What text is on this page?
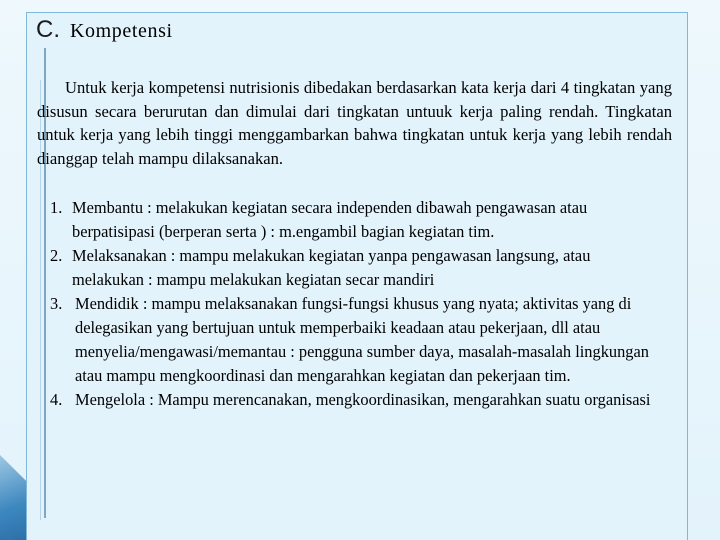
C. Kompetensi
Untuk kerja kompetensi nutrisionis dibedakan berdasarkan kata kerja dari 4 tingkatan yang disusun secara berurutan dan dimulai dari tingkatan untuuk kerja paling rendah. Tingkatan untuk kerja yang lebih tinggi menggambarkan bahwa tingkatan untuk kerja yang lebih rendah dianggap telah mampu dilaksanakan.
1. Membantu : melakukan kegiatan secara independen dibawah pengawasan atau berpatisipasi (berperan serta ) : m.engambil bagian kegiatan tim.
2. Melaksanakan : mampu melakukan kegiatan yanpa pengawasan langsung, atau melakukan : mampu melakukan kegiatan secar mandiri
3. Mendidik : mampu melaksanakan fungsi-fungsi khusus yang nyata; aktivitas yang di delegasikan yang bertujuan untuk memperbaiki keadaan atau pekerjaan, dll atau menyelia/mengawasi/memantau : pengguna sumber daya, masalah-masalah lingkungan atau mampu mengkoordinasi dan mengarahkan kegiatan dan pekerjaan tim.
4. Mengelola : Mampu merencanakan, mengkoordinasikan, mengarahkan suatu organisasi
